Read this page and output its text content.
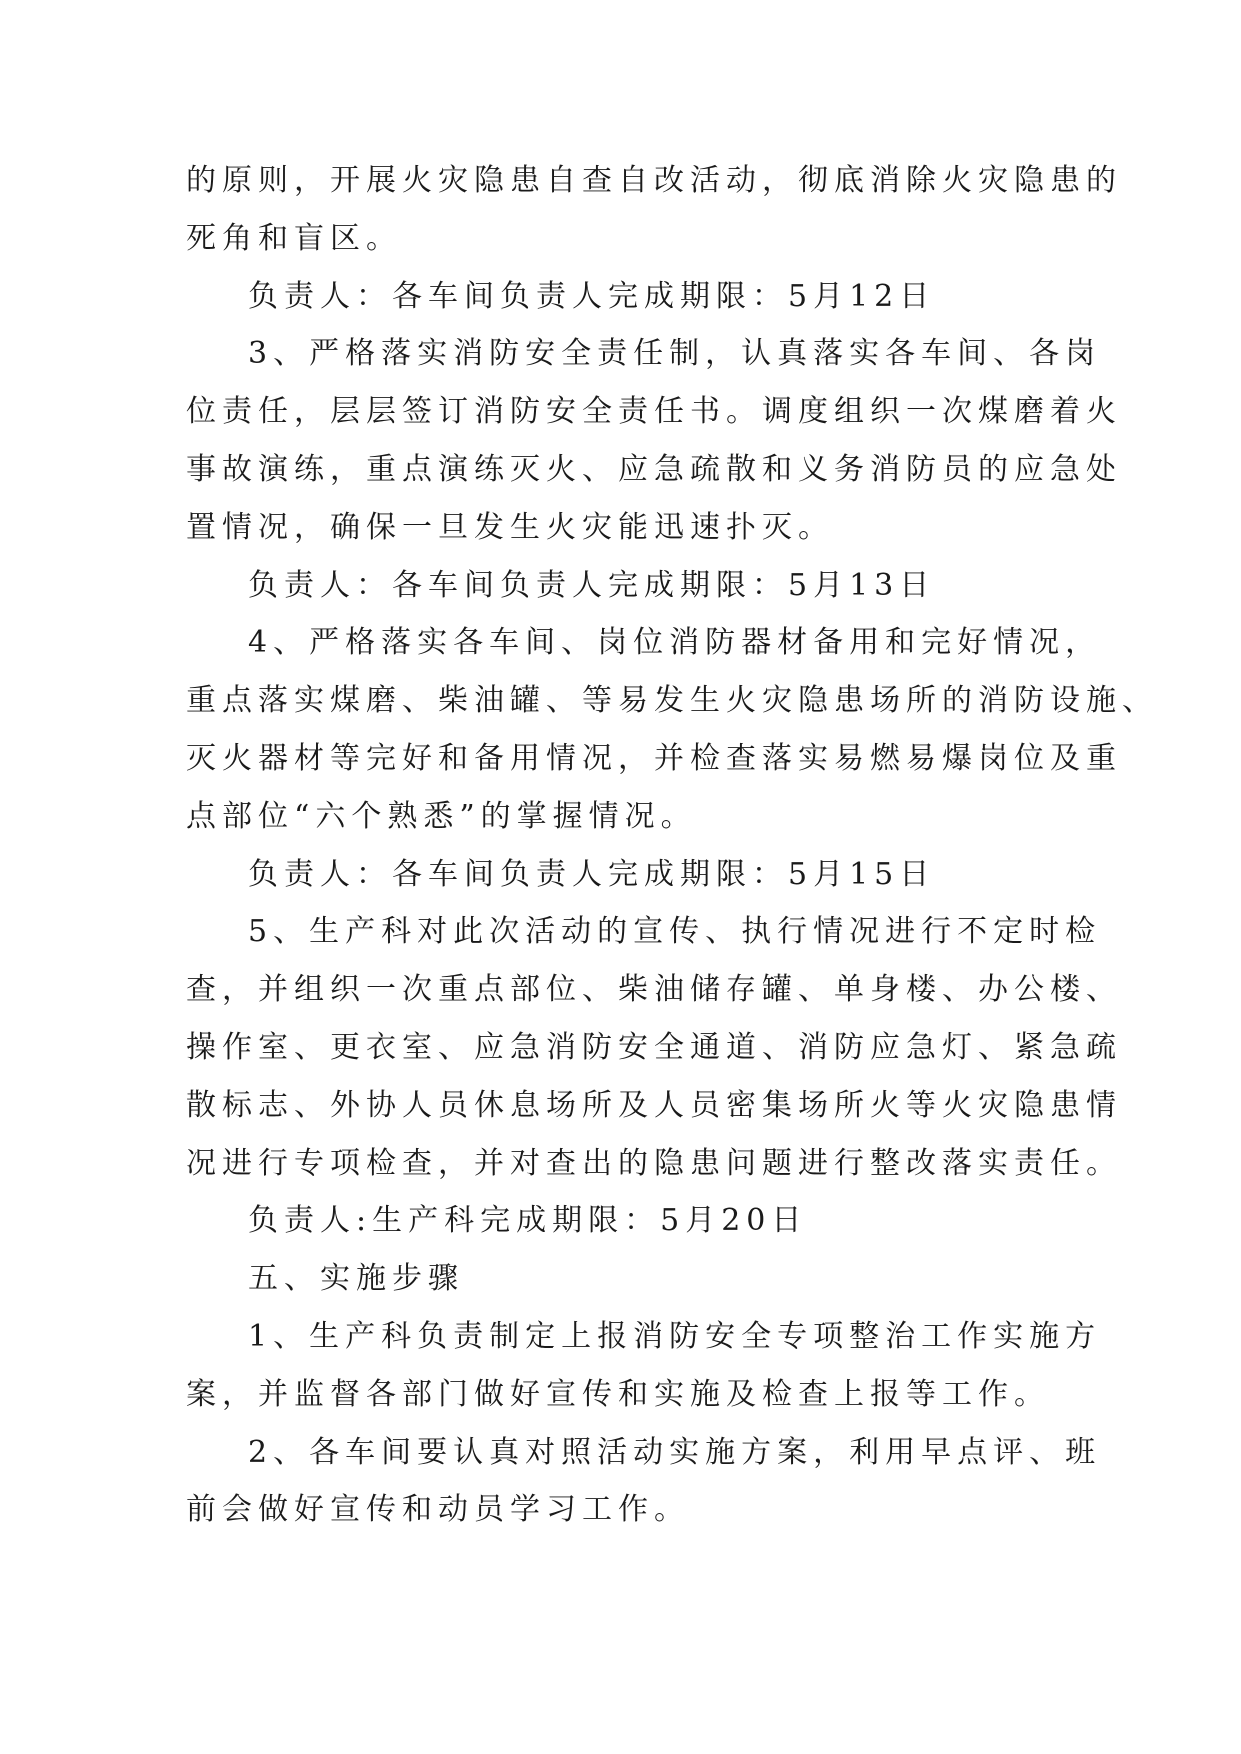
的原则，开展火灾隐患自查自改活动，彻底消除火灾隐患的
死角和盲区。
负责人：各车间负责人完成期限：5月12日
3、严格落实消防安全责任制，认真落实各车间、各岗
位责任，层层签订消防安全责任书。调度组织一次煤磨着火
事故演练，重点演练灭火、应急疏散和义务消防员的应急处
置情况，确保一旦发生火灾能迅速扑灭。
负责人：各车间负责人完成期限：5月13日
4、严格落实各车间、岗位消防器材备用和完好情况，
重点落实煤磨、柴油罐、等易发生火灾隐患场所的消防设施、
灭火器材等完好和备用情况，并检查落实易燃易爆岗位及重
点部位“六个熟悉”的掌握情况。
负责人：各车间负责人完成期限：5月15日
5、生产科对此次活动的宣传、执行情况进行不定时检
查，并组织一次重点部位、柴油储存罐、单身楼、办公楼、
操作室、更衣室、应急消防安全通道、消防应急灯、紧急疏
散标志、外协人员休息场所及人员密集场所火等火灾隐患情
况进行专项检查，并对查出的隐患问题进行整改落实责任。
负责人:生产科完成期限：5月20日
五、实施步骤
1、生产科负责制定上报消防安全专项整治工作实施方
案，并监督各部门做好宣传和实施及检查上报等工作。
2、各车间要认真对照活动实施方案，利用早点评、班
前会做好宣传和动员学习工作。
